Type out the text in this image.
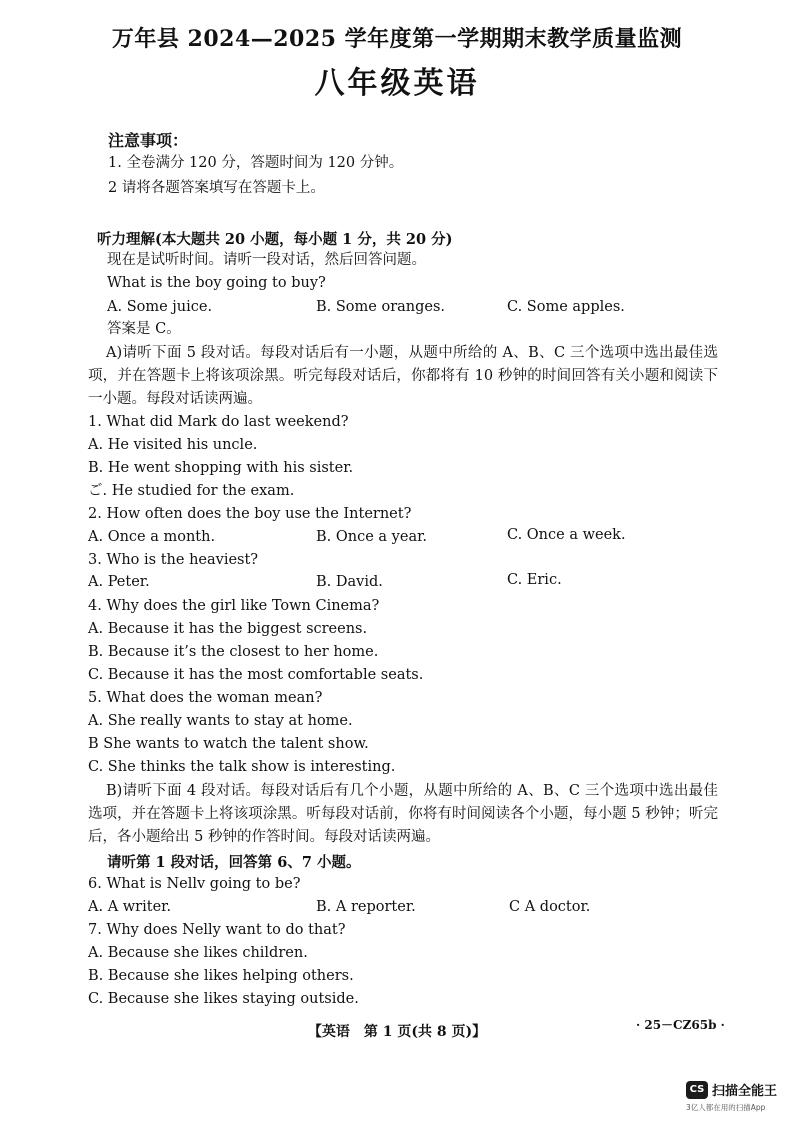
万年县 2024—2025 学年度第一学期期末教学质量监测
八年级英语
注意事项：
1. 全卷满分 120 分，答题时间为 120 分钟。
2 请将各题答案填写在答题卡上。
听力理解(本大题共 20 小题，每小题 1 分，共 20 分)
现在是试听时间。请听一段对话，然后回答问题。
What is the boy going to buy?
A. Some juice.	B. Some oranges.	C. Some apples.
答案是 C。
A)请听下面 5 段对话。每段对话后有一小题，从题中所给的 A、B、C 三个选项中选出最佳选项，并在答题卡上将该项涂黑。听完每段对话后，你都将有 10 秒钟的时间回答有关小题和阅读下一小题。每段对话读两遍。
1. What did Mark do last weekend?
A. He visited his uncle.
B. He went shopping with his sister.
ご. He studied for the exam.
2. How often does the boy use the Internet?
A. Once a month.	B. Once a year.	C. Once a week.
3. Who is the heaviest?
A. Peter.	B. David.	C. Eric.
4. Why does the girl like Town Cinema?
A. Because it has the biggest screens.
B. Because it’s the closest to her home.
C. Because it has the most comfortable seats.
5. What does the woman mean?
A. She really wants to stay at home.
B She wants to watch the talent show.
C. She thinks the talk show is interesting.
B)请听下面 4 段对话。每段对话后有几个小题，从题中所给的 A、B、C 三个选项中选出最佳选项，并在答题卡上将该项涂黑。听每段对话前，你将有时间阅读各个小题，每小题 5 秒钟；听完后，各小题给出 5 秒钟的作答时间。每段对话读两遍。
请听第 1 段对话，回答第 6、7 小题。
6. What is Nellv going to be?
A. A writer.	B. A reporter.	C A doctor.
7. Why does Nelly want to do that?
A. Because she likes children.
B. Because she likes helping others.
C. Because she likes staying outside.
【英语　第 1 页(共 8 页)】	· 25－CZ65b ·
CS 扫描全能王
3亿人都在用的扫描App
